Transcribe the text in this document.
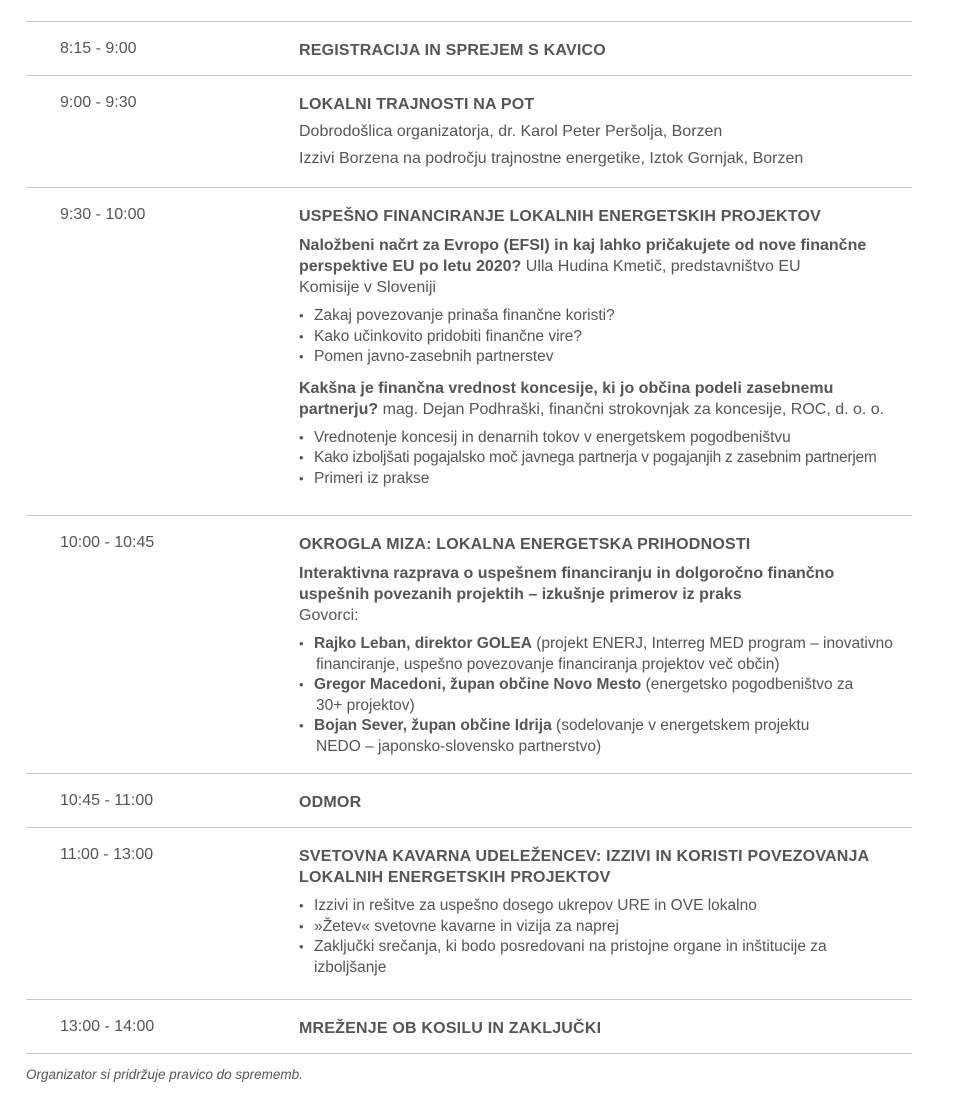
8:15 - 9:00	REGISTRACIJA IN SPREJEM S KAVICO
9:00 - 9:30	LOKALNI TRAJNOSTI NA POT
Dobrodošlica organizatorja, dr. Karol Peter Peršolja, Borzen
Izzivi Borzena na področju trajnostne energetike, Iztok Gornjak, Borzen
9:30 - 10:00	USPEŠNO FINANCIRANJE LOKALNIH ENERGETSKIH PROJEKTOV
Naložbeni načrt za Evropo (EFSI) in kaj lahko pričakujete od nove finančne
perspektive EU po letu 2020? Ulla Hudina Kmetič, predstavništvo EU
Komisije v Sloveniji
• Zakaj povezovanje prinaša finančne koristi?
• Kako učinkovito pridobiti finančne vire?
• Pomen javno-zasebnih partnerstev
Kakšna je finančna vrednost koncesije, ki jo občina podeli zasebnemu
partnerju? mag. Dejan Podhraški, finančni strokovnjak za koncesije, ROC, d. o. o.
• Vrednotenje koncesij in denarnih tokov v energetskem pogodbeništvu
• Kako izboljšati pogajalsko moč javnega partnerja v pogajanjih z zasebnim partnerjem
• Primeri iz prakse
10:00 - 10:45	OKROGLA MIZA: LOKALNA ENERGETSKA PRIHODNOSTI
Interaktivna razprava o uspešnem financiranju in dolgoročno finančno
uspešnih povezanih projektih – izkušnje primerov iz praks
Govorci:
• Rajko Leban, direktor GOLEA (projekt ENERJ, Interreg MED program – inovativno
financiranje, uspešno povezovanje financiranja projektov več občin)
• Gregor Macedoni, župan občine Novo Mesto (energetsko pogodbeništvo za
30+ projektov)
• Bojan Sever, župan občine Idrija (sodelovanje v energetskem projektu
NEDO – japonsko-slovensko partnerstvo)
10:45 - 11:00	ODMOR
11:00 - 13:00	SVETOVNA KAVARNA UDELEŽENCEV: IZZIVI IN KORISTI POVEZOVANJA
LOKALNIH ENERGETSKIH PROJEKTOV
• Izzivi in rešitve za uspešno dosego ukrepov URE in OVE lokalno
• »Žetev« svetovne kavarne in vizija za naprej
• Zaključki srečanja, ki bodo posredovani na pristojne organe in inštitucije za
izboljšanje
13:00 - 14:00	MREŽENJE OB KOSILU IN ZAKLJUČKI
Organizator si pridržuje pravico do sprememb.
